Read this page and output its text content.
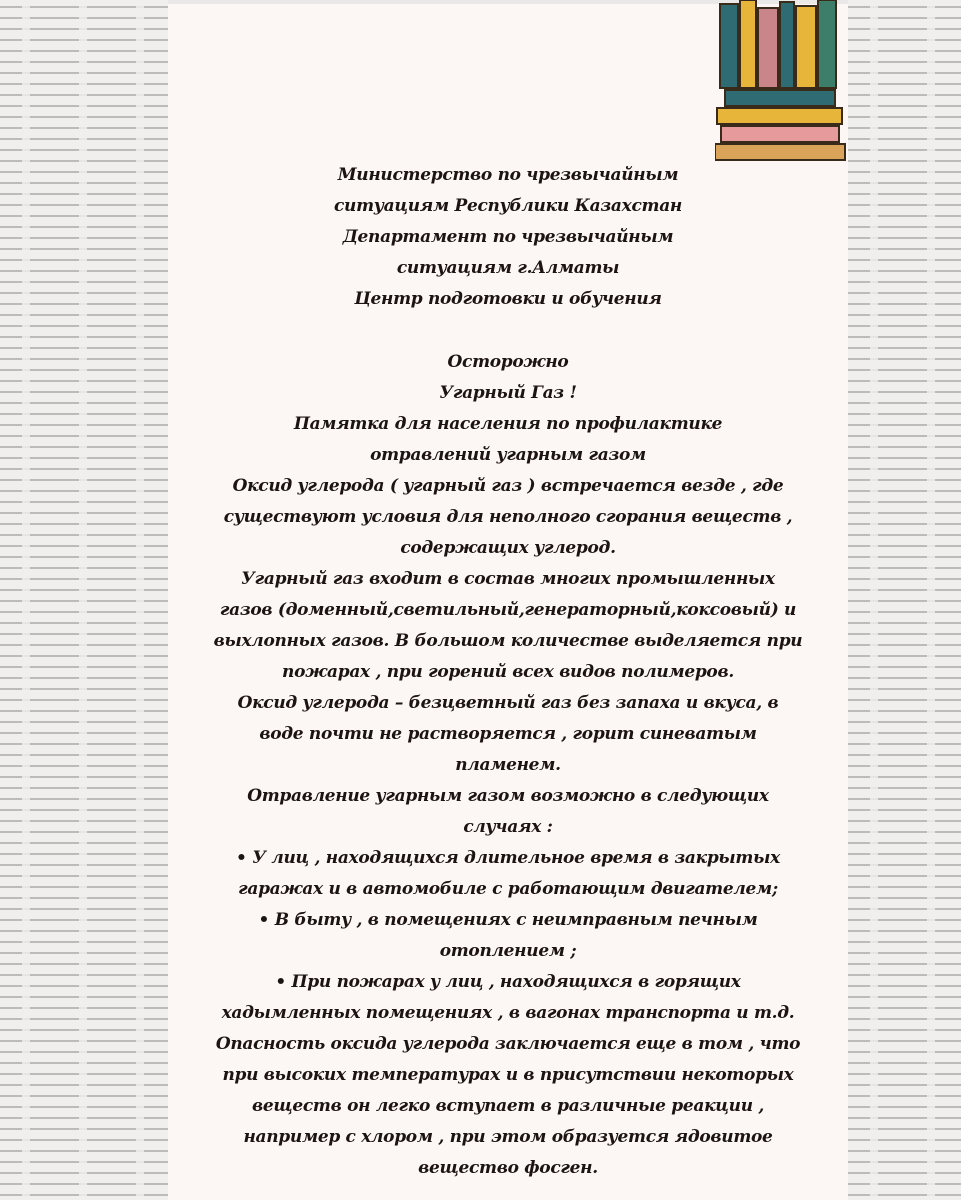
Министерство по чрезвычайным
ситуациям Республики Казахстан
Департамент по чрезвычайным
ситуациям г.Алматы
Центр подготовки и обучения
Осторожно
Угарный Газ !
Памятка для населения по профилактике
отравлений угарным газом
Оксид углерода ( угарный газ ) встречается везде , где
существуют условия для неполного сгорания веществ ,
содержащих углерод.
Угарный газ входит в состав многих промышленных
газов (доменный,светильный,генераторный,коксовый) и
выхлопных газов. В большом количестве выделяется при
пожарах , при горений всех видов полимеров.
Оксид углерода – безцветный газ без запаха и вкуса, в
воде почти не растворяется , горит синеватым
пламенем.
Отравление угарным газом возможно в следующих
случаях :
• У лиц , находящихся длительное время в закрытых
гаражах и в автомобиле с работающим двигателем;
• В быту , в помещениях с неимправным печным
отоплением ;
• При пожарах у лиц , находящихся в горящих
хадымленных помещениях , в вагонах транспорта и т.д.
Опасность оксида углерода заключается еще в том , что
при высоких температурах и в присутствии некоторых
веществ он легко вступает в различные реакции ,
например с хлором , при этом образуется ядовитое
вещество фосген.
